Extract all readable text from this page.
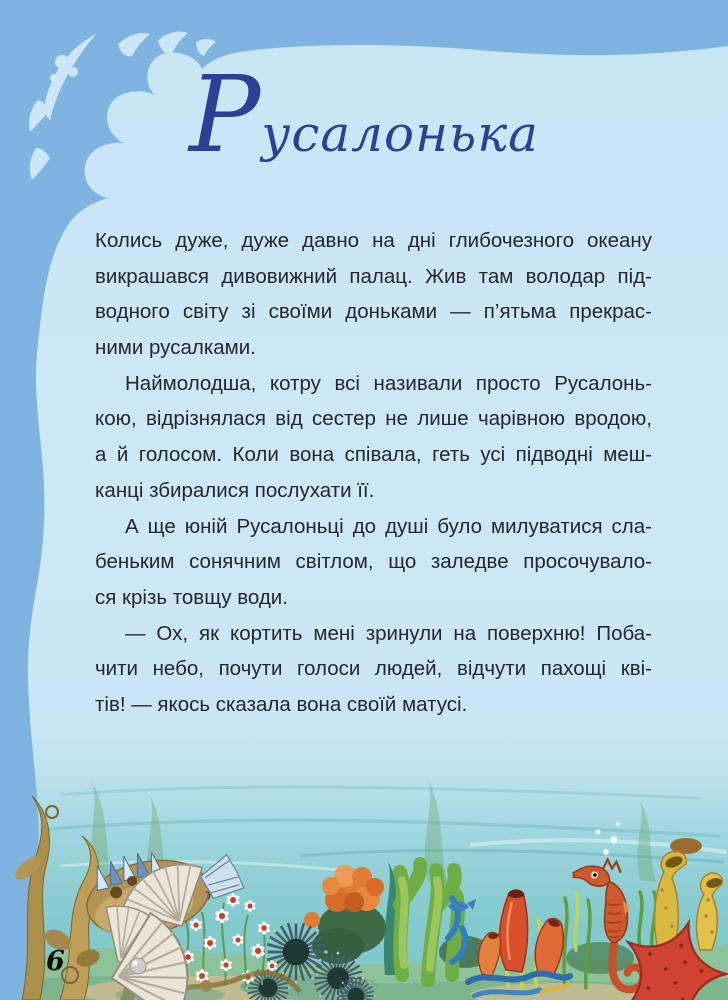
Русалонька
Колись дуже, дуже давно на дні глибочезного океану
викрашався дивовижний палац. Жив там володар під-
водного світу зі своїми доньками — п’ятьма прекрас-
ними русалками.
Наймолодша, котру всі називали просто Русалонь-
кою, відрізнялася від сестер не лише чарівною вродою,
а й голосом. Коли вона співала, геть усі підводні меш-
канці збиралися послухати її.
А ще юній Русалоньці до душі було милуватися сла-
беньким сонячним світлом, що заледве просочувало-
ся крізь товщу води.
— Ох, як кортить мені зринули на поверхню! Поба-
чити небо, почути голоси людей, відчути пахощі кві-
тів! — якось сказала вона своїй матусі.
6
